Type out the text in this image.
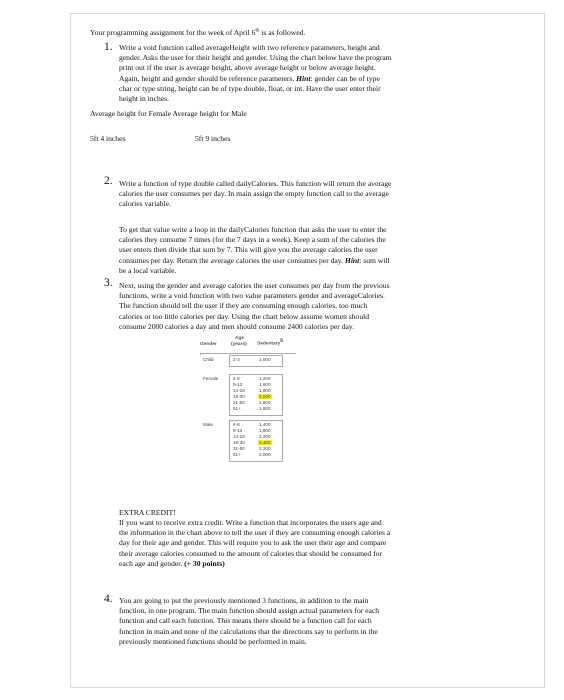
Your programming assignment for the week of April 6th is as followed.
1. Write a void function called averageHeight with two reference parameters, height and
gender. Asks the user for their height and gender. Using the chart below have the program
print out if the user is average height, above average height or below average height.
Again, height and gender should be reference parameters. Hint: gender can be of type
char or type string, height can be of type double, float, or int. Have the user enter their
height in inches.
Average height for Female Average height for Male
5ft 4 inches	5ft 9 inches
2. Write a function of type double called dailyCalories. This function will return the average
calories the user consumes per day. In main assign the empty function call to the average
calories variable.
To get that value write a loop in the dailyCalories function that asks the user to enter the
calories they consume 7 times (for the 7 days in a week). Keep a sum of the calories the
user enters then divide that sum by 7. This will give you the average calories the user
consumes per day. Return the average calories the user consumes per day. Hint: sum will
be a local variable.
3. Next, using the gender and average calories the user consumes per day from the previous
functions, write a void function with two value parameters gender and averageCalories.
The function should tell the user if they are consuming enough calories, too much
calories or too little calories per day. Using the chart below assume women should
consume 2000 calories a day and men should consume 2400 calories per day.
Gender
Age
(years) Sedentary$^b$
Child	2-3	1,000
Female	4-8	1,200
9-13	1,600
14-18	1,800
19-30	2,000
31-50	1,800
51+	1,600
Male	4-8	1,400
9-13	1,800
14-18	2,200
19-30	2,400
31-50	2,200
51+	2,000
EXTRA CREDIT!
If you want to receive extra credit. Write a function that incorporates the users age and
the information in the chart above to tell the user if they are consuming enough calories a
day for their age and gender. This will require you to ask the user their age and compare
their average calories consumed to the amount of calories that should be consumed for
each age and gender. (+ 30 points)
4. You are going to put the previously mentioned 3 functions, in addition to the main
function, in one program. The main function should assign actual parameters for each
function and call each function. This means there should be a function call for each
function in main and none of the calculations that the directions say to perform in the
previously mentioned functions should be performed in main.
